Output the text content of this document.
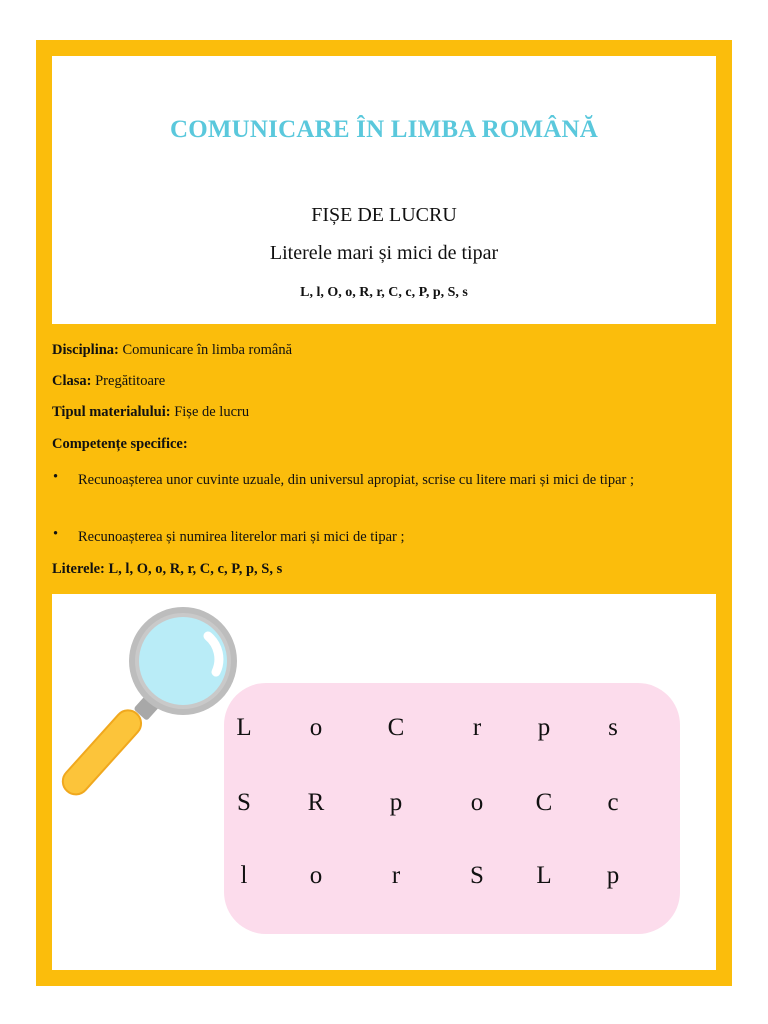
COMUNICARE ÎN LIMBA ROMÂNĂ
FIȘE DE LUCRU
Literele mari și mici de tipar
L, l, O, o, R, r, C, c, P, p, S, s
Disciplina: Comunicare în limba română
Clasa: Pregătitoare
Tipul materialului: Fișe de lucru
Competențe specifice:
• Recunoașterea unor cuvinte uzuale, din universul apropiat, scrise cu litere mari și mici de tipar ;
• Recunoașterea și numirea literelor mari și mici de tipar ;
Literele: L, l, O, o, R, r, C, c, P, p, S, s
L	o	C	r	p	s
S	R	p	o	C	c
l	o	r	S	L	p
